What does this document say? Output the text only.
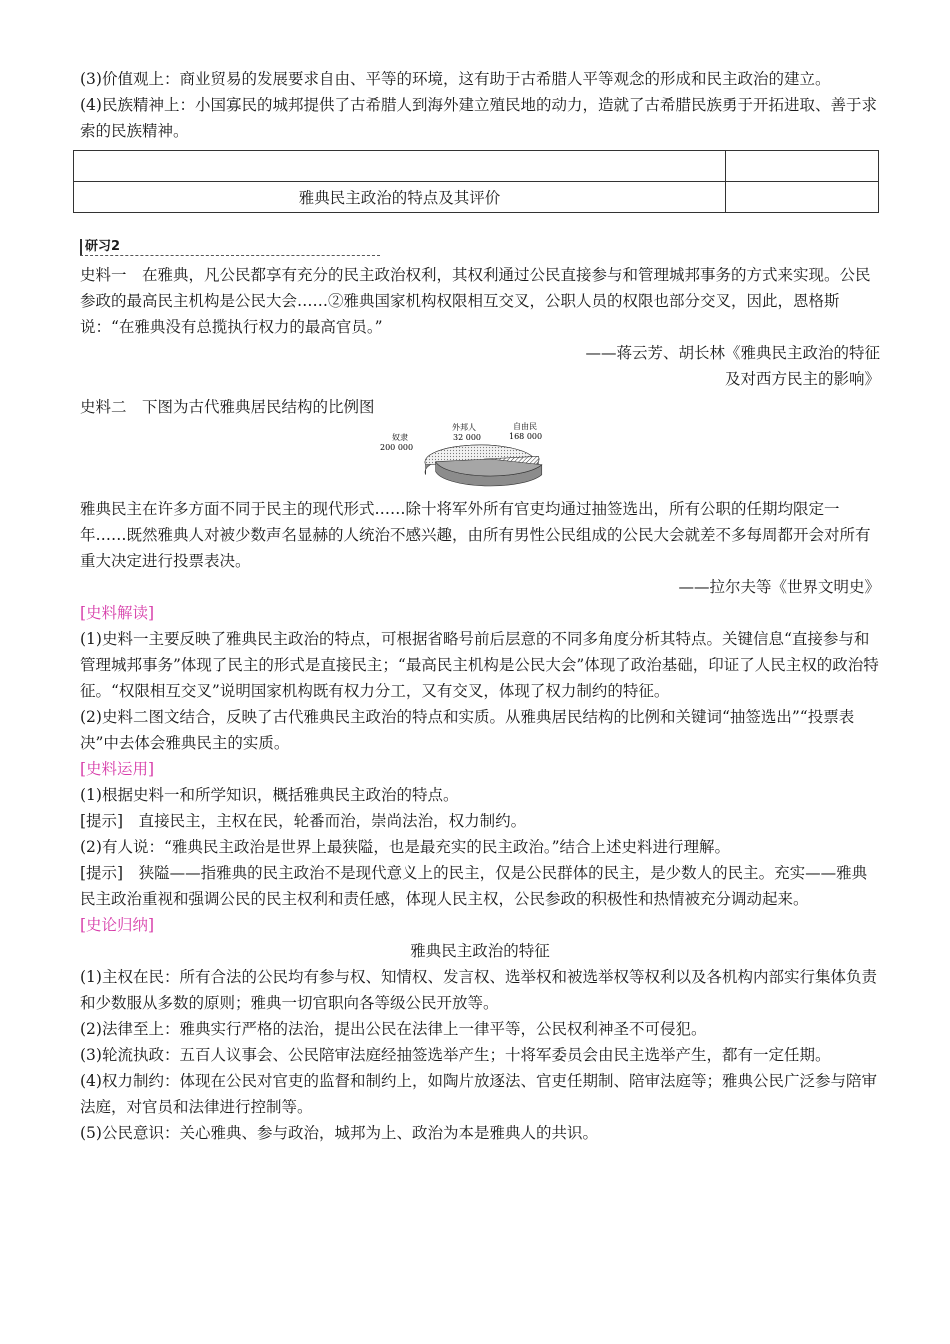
(3)价值观上：商业贸易的发展要求自由、平等的环境，这有助于古希腊人平等观念的形成和民主政治的建立。

(4)民族精神上：小国寡民的城邦提供了古希腊人到海外建立殖民地的动力，造就了古希腊民族勇于开拓进取、善于求索的民族精神。

雅典民主政治的特点及其评价	
研习2

史料一　在雅典，凡公民都享有充分的民主政治权利，其权利通过公民直接参与和管理城邦事务的方式来实现。公民参政的最高民主机构是公民大会……②雅典国家机构权限相互交叉，公职人员的权限也部分交叉，因此，恩格斯说：“在雅典没有总揽执行权力的最高官员。”

——蒋云芳、胡长林《雅典民主政治的特征

及对西方民主的影响》

史料二　下图为古代雅典居民结构的比例图

奴隶
200 000
外邦人
32 000
自由民
168 000

雅典民主在许多方面不同于民主的现代形式……除十将军外所有官吏均通过抽签选出，所有公职的任期均限定一年……既然雅典人对被少数声名显赫的人统治不感兴趣，由所有男性公民组成的公民大会就差不多每周都开会对所有重大决定进行投票表决。

——拉尔夫等《世界文明史》

[史料解读]

(1)史料一主要反映了雅典民主政治的特点，可根据省略号前后层意的不同多角度分析其特点。关键信息“直接参与和管理城邦事务”体现了民主的形式是直接民主；“最高民主机构是公民大会”体现了政治基础，印证了人民主权的政治特征。“权限相互交叉”说明国家机构既有权力分工，又有交叉，体现了权力制约的特征。

(2)史料二图文结合，反映了古代雅典民主政治的特点和实质。从雅典居民结构的比例和关键词“抽签选出”“投票表决”中去体会雅典民主的实质。

[史料运用]

(1)根据史料一和所学知识，概括雅典民主政治的特点。

[提示]　直接民主，主权在民，轮番而治，崇尚法治，权力制约。

(2)有人说：“雅典民主政治是世界上最狭隘，也是最充实的民主政治。”结合上述史料进行理解。

[提示]　狭隘——指雅典的民主政治不是现代意义上的民主，仅是公民群体的民主，是少数人的民主。充实——雅典民主政治重视和强调公民的民主权利和责任感，体现人民主权，公民参政的积极性和热情被充分调动起来。

[史论归纳]

雅典民主政治的特征

(1)主权在民：所有合法的公民均有参与权、知情权、发言权、选举权和被选举权等权利以及各机构内部实行集体负责和少数服从多数的原则；雅典一切官职向各等级公民开放等。

(2)法律至上：雅典实行严格的法治，提出公民在法律上一律平等，公民权利神圣不可侵犯。

(3)轮流执政：五百人议事会、公民陪审法庭经抽签选举产生；十将军委员会由民主选举产生，都有一定任期。

(4)权力制约：体现在公民对官吏的监督和制约上，如陶片放逐法、官吏任期制、陪审法庭等；雅典公民广泛参与陪审法庭，对官员和法律进行控制等。

(5)公民意识：关心雅典、参与政治，城邦为上、政治为本是雅典人的共识。
